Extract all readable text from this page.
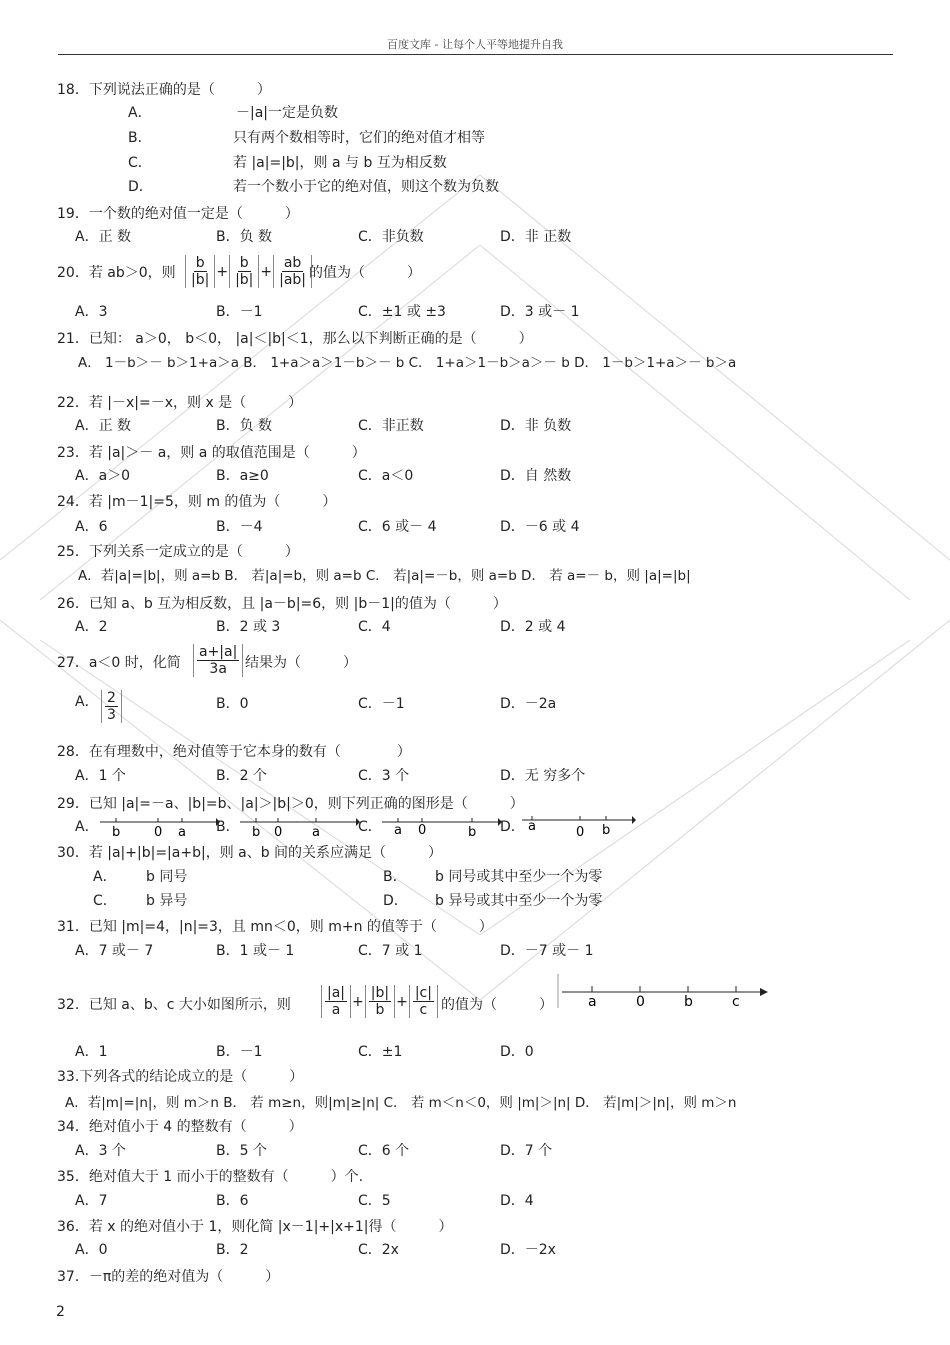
百度文库 - 让每个人平等地提升自我
18．下列说法正确的是（　　　）
A．	－|a|一定是负数
B．	只有两个数相等时，它们的绝对值才相等
C．	若 |a|=|b|，则 a 与 b 互为相反数
D．	若一个数小于它的绝对值，则这个数为负数
19．一个数的绝对值一定是（　　　）
A．正 数	B．负 数	C．非负数	D．非 正数
20．若 ab＞0，则
b
|b|
+
b
|b|
+
ab
|ab| 的值为（　　　）
A．3	B．－1	C．±1 或 ±3	D．3 或－ 1
21．已知： a＞0， b＜0， |a|＜|b|＜1，那么以下判断正确的是（　　　）
A． 1－b＞－ b＞1+a＞a B． 1+a＞a＞1－b＞－ b C． 1+a＞1－b＞a＞－ b D． 1－b＞1+a＞－ b＞a
22．若 |－x|=－x，则 x 是（　　　）
A．正 数	B．负 数	C．非正数	D．非 负数
23．若 |a|＞－ a，则 a 的取值范围是（　　　）
A．a＞0	B．a≥0	C．a＜0	D．自 然数
24．若 |m－1|=5，则 m 的值为（　　　）
A．6	B．－4	C．6 或－ 4	D．－6 或 4
25．下列关系一定成立的是（　　　）
A．若|a|=|b|，则 a=b B． 若|a|=b，则 a=b C． 若|a|=－b，则 a=b D． 若 a=－ b，则 |a|=|b|
26．已知 a、b 互为相反数，且 |a－b|=6，则 |b－1|的值为（　　　）
A．2	B．2 或 3	C．4	D．2 或 4
27．a＜0 时，化简
a+|a|
3a 结果为（　　　）
A． 2
3
B．0	C．－1	D．－2a
28．在有理数中，绝对值等于它本身的数有（　　　　）
A．1 个	B．2 个	C．3 个	D．无 穷多个
29．已知 |a|=－a、|b|=b、|a|＞|b|＞0，则下列正确的图形是（　　　）
A． b	0 a B． b 0 a	C． a 0	b D． a	0 b
30．若 |a|+|b|=|a+b|，则 a、b 间的关系应满足（　　　）
A． b 同号	B． b 同号或其中至少一个为零
C． b 异号	D． b 异号或其中至少一个为零
31．已知 |m|=4，|n|=3，且 mn＜0，则 m+n 的值等于（　　　）
A．7 或－ 7	B．1 或－ 1	C．7 或 1	D．－7 或－ 1
32．已知 a、b、c 大小如图所示，则
|a|
a
+
|b|
b
+
|c|
c 的值为（　　　）	a	0	b	c
A．1	B．－1	C．±1	D．0
33.下列各式的结论成立的是（　　　）
A．若|m|=|n|，则 m＞n B． 若 m≥n，则|m|≥|n| C． 若 m＜n＜0，则 |m|＞|n| D． 若|m|＞|n|，则 m＞n
34．绝对值小于 4 的整数有（　　　）
A．3 个	B．5 个	C．6 个	D．7 个
35．绝对值大于 1 而小于的整数有（　　　）个.
A．7	B．6	C．5	D．4
36．若 x 的绝对值小于 1，则化简 |x－1|+|x+1|得（　　　）
A．0	B．2	C．2x	D．－2x
37．－π的差的绝对值为（　　　）
2
